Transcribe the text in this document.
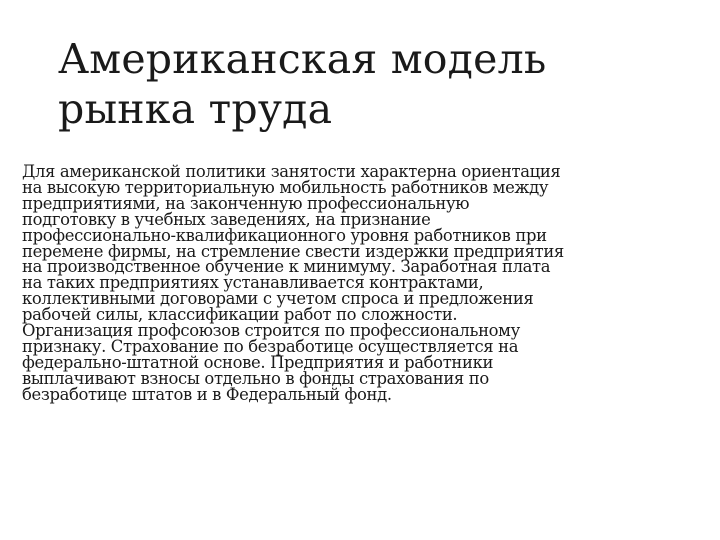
Американская модель
рынка труда

Для американской политики занятости характерна ориентация
на высокую территориальную мобильность работников между
предприятиями, на законченную профессиональную
подготовку в учебных заведениях, на признание
профессионально-квалификационного уровня работников при
перемене фирмы, на стремление свести издержки предприятия
на производственное обучение к минимуму. Заработная плата
на таких предприятиях устанавливается контрактами,
коллективными договорами с учетом спроса и предложения
рабочей силы, классификации работ по сложности.
Организация профсоюзов строится по профессиональному
признаку. Страхование по безработице осуществляется на
федерально-штатной основе. Предприятия и работники
выплачивают взносы отдельно в фонды страхования по
безработице штатов и в Федеральный фонд.
